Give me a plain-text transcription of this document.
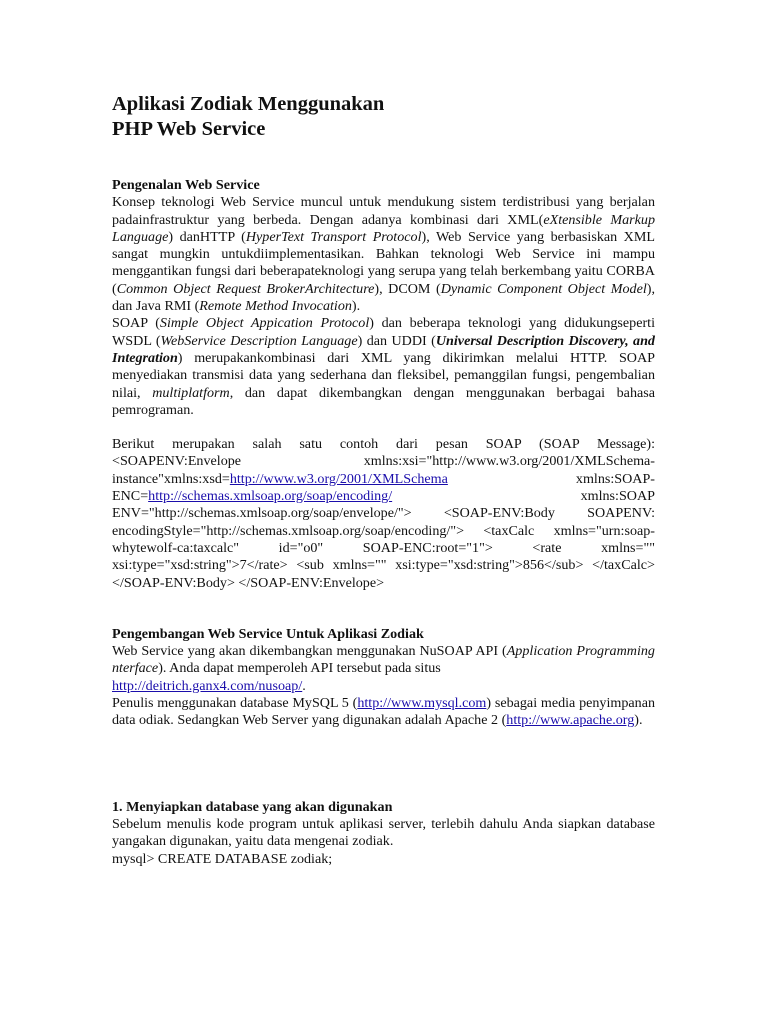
Aplikasi Zodiak Menggunakan
PHP Web Service

Pengenalan Web Service

Konsep teknologi Web Service muncul untuk mendukung sistem terdistribusi yang berjalan padainfrastruktur yang berbeda. Dengan adanya kombinasi dari XML(eXtensible Markup Language) danHTTP (HyperText Transport Protocol), Web Service yang berbasiskan XML sangat mungkin untukdiimplementasikan. Bahkan teknologi Web Service ini mampu menggantikan fungsi dari beberapateknologi yang serupa yang telah berkembang yaitu CORBA (Common Object Request BrokerArchitecture), DCOM (Dynamic Component Object Model), dan Java RMI (Remote Method Invocation).

SOAP (Simple Object Appication Protocol) dan beberapa teknologi yang didukungseperti WSDL (WebService Description Language) dan UDDI (Universal Description Discovery, and Integration) merupakankombinasi dari XML yang dikirimkan melalui HTTP. SOAP menyediakan transmisi data yang sederhana dan fleksibel, pemanggilan fungsi, pengembalian nilai, multiplatform, dan dapat dikembangkan dengan menggunakan berbagai bahasa pemrograman.

Berikut merupakan salah satu contoh dari pesan SOAP (SOAP Message):<SOAPENV:Envelope xmlns:xsi="http://www.w3.org/2001/XMLSchema-instance"xmlns:xsd=http://www.w3.org/2001/XMLSchema xmlns:SOAP-ENC=http://schemas.xmlsoap.org/soap/encoding/ xmlns:SOAP ENV="http://schemas.xmlsoap.org/soap/envelope/"> <SOAP-ENV:Body SOAPENV: encodingStyle="http://schemas.xmlsoap.org/soap/encoding/"> <taxCalc xmlns="urn:soap-whytewolf-ca:taxcalc" id="o0" SOAP-ENC:root="1"> <rate xmlns="" xsi:type="xsd:string">7</rate> <sub xmlns="" xsi:type="xsd:string">856</sub> </taxCalc> </SOAP-ENV:Body> </SOAP-ENV:Envelope>

Pengembangan Web Service Untuk Aplikasi Zodiak

Web Service yang akan dikembangkan menggunakan NuSOAP API (Application Programming nterface). Anda dapat memperoleh API tersebut pada situs
http://deitrich.ganx4.com/nusoap/.

Penulis menggunakan database MySQL 5 (http://www.mysql.com) sebagai media penyimpanan data odiak. Sedangkan Web Server yang digunakan adalah Apache 2 (http://www.apache.org).

1. Menyiapkan database yang akan digunakan

Sebelum menulis kode program untuk aplikasi server, terlebih dahulu Anda siapkan database yangakan digunakan, yaitu data mengenai zodiak.

mysql> CREATE DATABASE zodiak;
